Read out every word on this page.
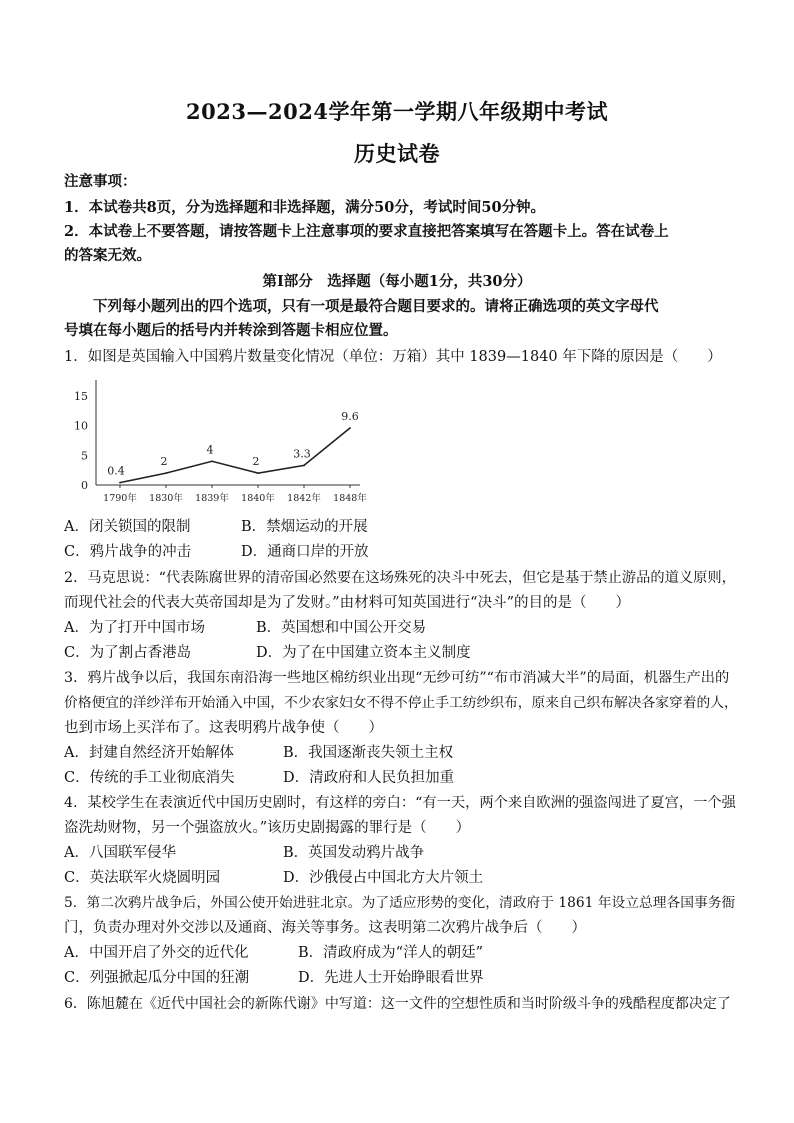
2023—2024学年第一学期八年级期中考试
历史试卷
注意事项：
1．本试卷共8页，分为选择题和非选择题，满分50分，考试时间50分钟。
2．本试卷上不要答题，请按答题卡上注意事项的要求直接把答案填写在答题卡上。答在试卷上
的答案无效。
第Ⅰ部分　选择题（每小题1分，共30分）
　　下列每小题列出的四个选项，只有一项是最符合题目要求的。请将正确选项的英文字母代
号填在每小题后的括号内并转涂到答题卡相应位置。
1．如图是英国输入中国鸦片数量变化情况（单位：万箱）其中 1839—1840 年下降的原因是（　　）
15
10
5
0
0.4
2
4
2
3.3
9.6
1790年 1830年 1839年 1840年 1842年 1848年
A．闭关锁国的限制	B．禁烟运动的开展
C．鸦片战争的冲击	D．通商口岸的开放
2．马克思说：“代表陈腐世界的清帝国必然要在这场殊死的决斗中死去，但它是基于禁止游品的道义原则，
而现代社会的代表大英帝国却是为了发财。”由材料可知英国进行“决斗”的目的是（　　）
A．为了打开中国市场	B．英国想和中国公开交易
C．为了割占香港岛	D．为了在中国建立资本主义制度
3．鸦片战争以后，我国东南沿海一些地区棉纺织业出现“无纱可纺”“布市消减大半”的局面，机器生产出的
价格便宜的洋纱洋布开始涌入中国，不少农家妇女不得不停止手工纺纱织布，原来自己织布解决各家穿着的人，
也到市场上买洋布了。这表明鸦片战争使（　　）
A．封建自然经济开始解体	B．我国逐渐丧失领土主权
C．传统的手工业彻底消失	D．清政府和人民负担加重
4．某校学生在表演近代中国历史剧时，有这样的旁白：“有一天，两个来自欧洲的强盗闯进了夏宫，一个强
盗洗劫财物，另一个强盗放火。”该历史剧揭露的罪行是（　　）
A．八国联军侵华	B．英国发动鸦片战争
C．英法联军火烧圆明园	D．沙俄侵占中国北方大片领土
5．第二次鸦片战争后，外国公使开始进驻北京。为了适应形势的变化，清政府于 1861 年设立总理各国事务衙
门，负责办理对外交涉以及通商、海关等事务。这表明第二次鸦片战争后（　　）
A．中国开启了外交的近代化	B．清政府成为“洋人的朝廷”
C．列强掀起瓜分中国的狂潮	D．先进人士开始睁眼看世界
6．陈旭麓在《近代中国社会的新陈代谢》中写道：这一文件的空想性质和当时阶级斗争的残酷程度都决定了
